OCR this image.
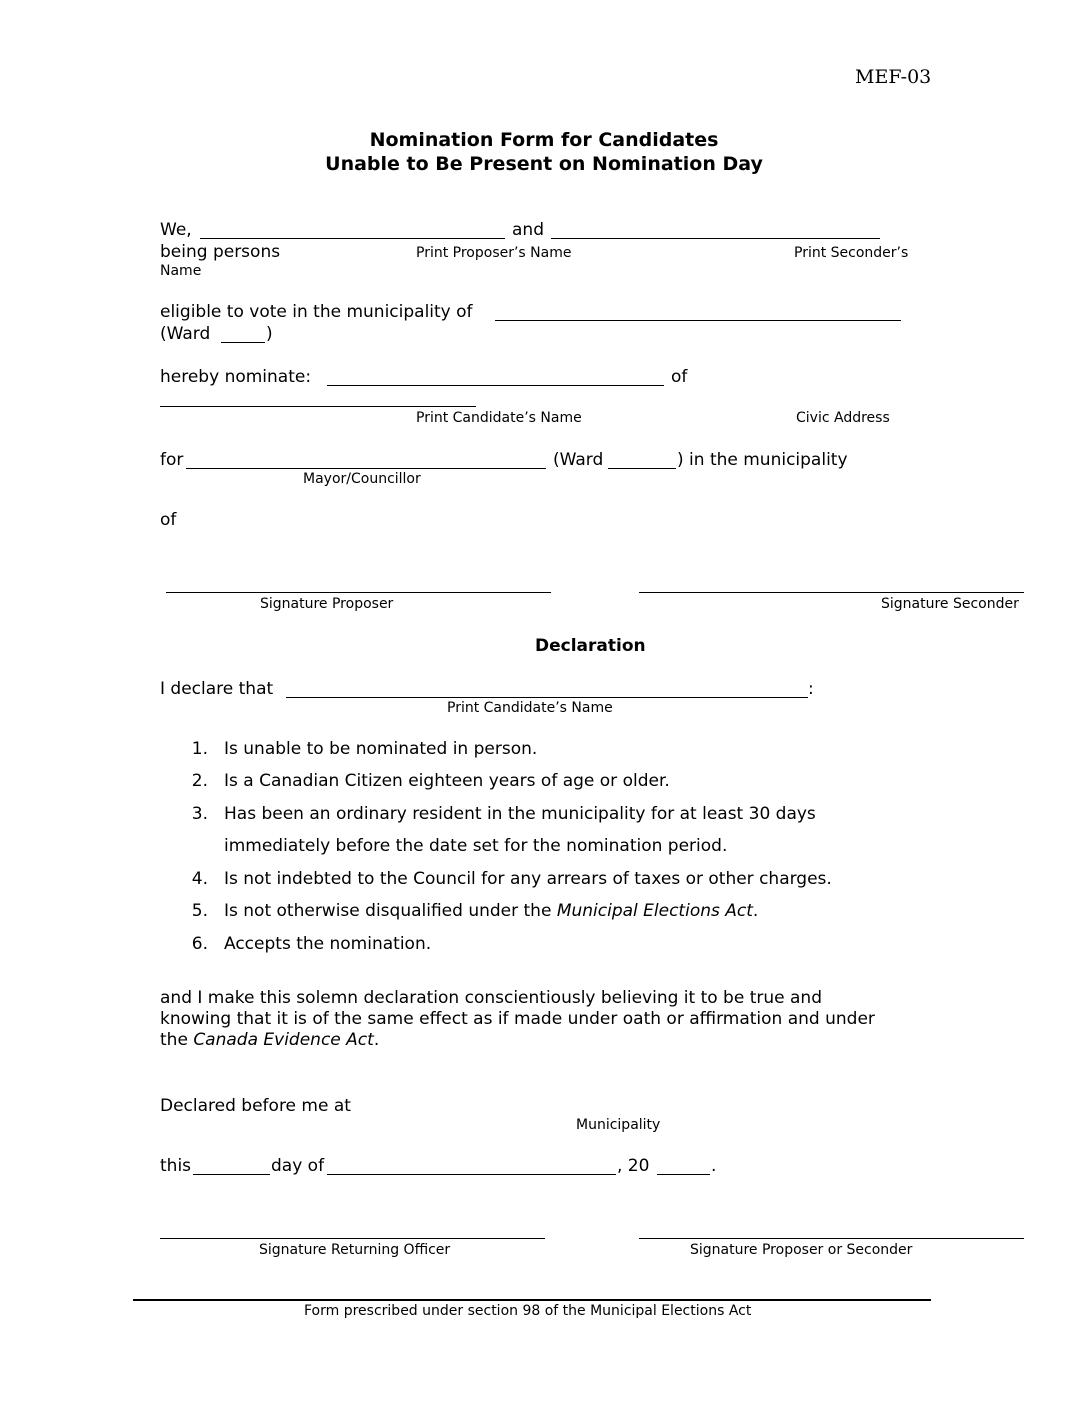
MEF-03
Nomination Form for Candidates
Unable to Be Present on Nomination Day
We,	and
being persons	Print Proposer’s Name	Print Seconder’s
Name
eligible to vote in the municipality of
(Ward	)
hereby nominate:	of
Print Candidate’s Name	Civic Address
for	(Ward	) in the municipality
Mayor/Councillor
of
Signature Proposer	Signature Seconder
Declaration
I declare that	:
Print Candidate’s Name
1. Is unable to be nominated in person.
2. Is a Canadian Citizen eighteen years of age or older.
3. Has been an ordinary resident in the municipality for at least 30 days
immediately before the date set for the nomination period.
4. Is not indebted to the Council for any arrears of taxes or other charges.
5. Is not otherwise disqualified under the Municipal Elections Act.
6. Accepts the nomination.
and I make this solemn declaration conscientiously believing it to be true and
knowing that it is of the same effect as if made under oath or affirmation and under
the Canada Evidence Act.
Declared before me at
Municipality
this	day of	, 20	.
Signature Returning Officer	Signature Proposer or Seconder
Form prescribed under section 98 of the Municipal Elections Act
